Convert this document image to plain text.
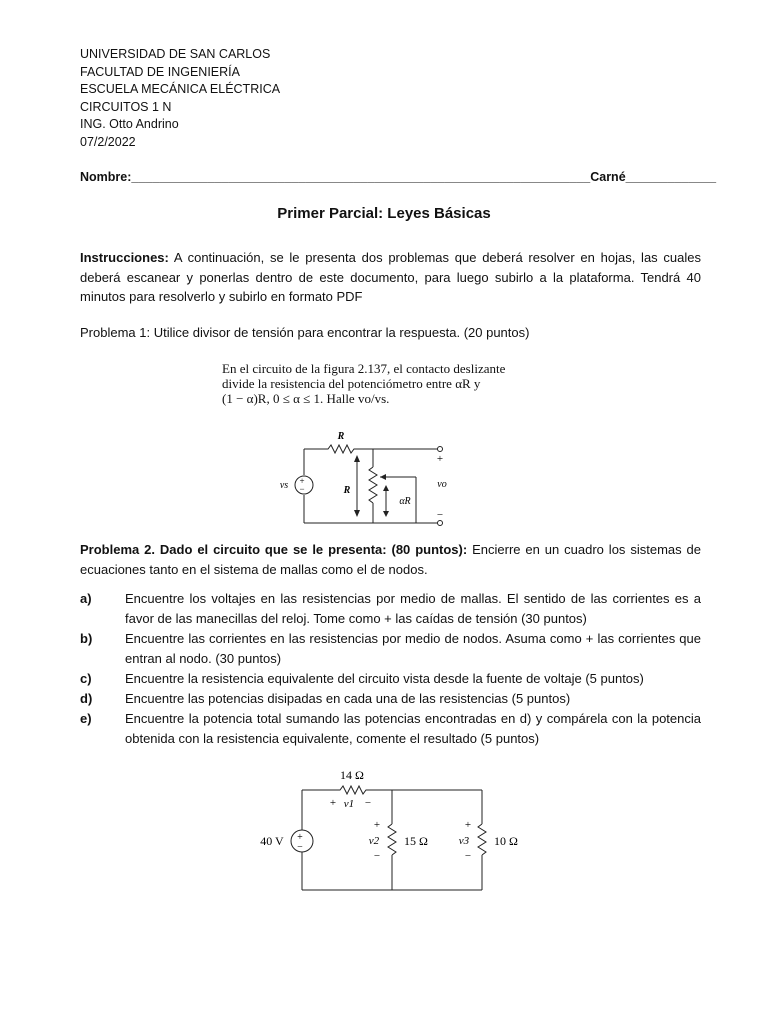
UNIVERSIDAD DE SAN CARLOS
FACULTAD DE INGENIERÍA
ESCUELA MECÁNICA ELÉCTRICA
CIRCUITOS 1 N
ING. Otto Andrino
07/2/2022
Nombre:__________________________________________________________________Carné_____________
Primer Parcial: Leyes Básicas
Instrucciones: A continuación, se le presenta dos problemas que deberá resolver en hojas, las cuales deberá escanear y ponerlas dentro de este documento, para luego subirlo a la plataforma. Tendrá 40 minutos para resolverlo y subirlo en formato PDF
Problema 1: Utilice divisor de tensión para encontrar la respuesta. (20 puntos)
En el circuito de la figura 2.137, el contacto deslizante
divide la resistencia del potenciómetro entre αR y
(1 − α)R, 0 ≤ α ≤ 1. Halle vo/vs.
+
−
R
R
αR
vs	vo
+
−
Problema 2. Dado el circuito que se le presenta: (80 puntos): Encierre en un cuadro los sistemas de ecuaciones tanto en el sistema de mallas como el de nodos.
a)	Encuentre los voltajes en las resistencias por medio de mallas. El sentido de las corrientes es a favor de las manecillas del reloj. Tome como + las caídas de tensión (30 puntos)
b)	Encuentre las corrientes en las resistencias por medio de nodos. Asuma como + las corrientes que entran al nodo. (30 puntos)
c)	Encuentre la resistencia equivalente del circuito vista desde la fuente de voltaje (5 puntos)
d)	Encuentre las potencias disipadas en cada una de las resistencias (5 puntos)
e)	Encuentre la potencia total sumando las potencias encontradas en d) y compárela con la potencia obtenida con la resistencia equivalente, comente el resultado (5 puntos)
+
−
40 V
14 Ω
+ v1 −
+
v2
−
15 Ω
+
v3
−
10 Ω
